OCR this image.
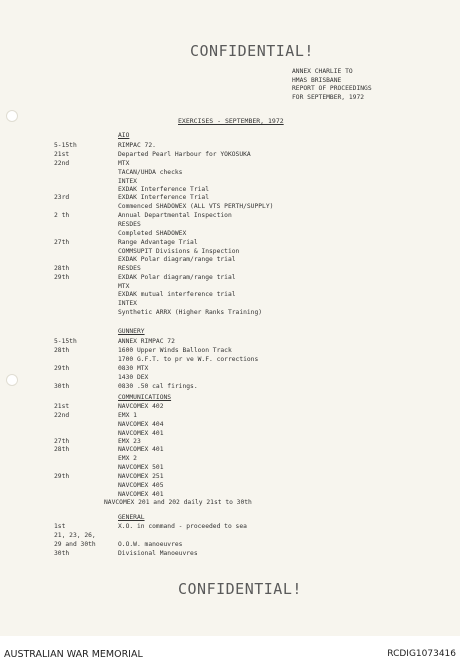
CONFIDENTIAL!
ANNEX CHARLIE TO
HMAS BRISBANE
REPORT OF PROCEEDINGS
FOR SEPTEMBER, 1972
EXERCISES - SEPTEMBER, 1972
AIO
5-15th	RIMPAC 72.
21st	Departed Pearl Harbour for YOKOSUKA
22nd	MTX
TACAN/UHDA checks
INTEX
EXDAK Interference Trial
23rd	EXDAK Interference Trial
Commenced SHADOWEX (ALL VTS PERTH/SUPPLY)
2 th	Annual Departmental Inspection
RESDES
Completed SHADOWEX
27th	Range Advantage Trial
COMMSUPIT Divisions & Inspection
EXDAK Polar diagram/range trial
28th	RESDES
29th	EXDAK Polar diagram/range trial
MTX
EXDAK mutual interference trial
INTEX
Synthetic ARRX (Higher Ranks Training)
GUNNERY
5-15th	ANNEX RIMPAC 72
28th	1600 Upper Winds Balloon Track
1700 G.F.T. to pr ve W.F. corrections
29th	0830 MTX
1430 DEX
30th	0830 .50 cal firings.
COMMUNICATIONS
21st	NAVCOMEX 402
22nd	EMX 1
NAVCOMEX 404
NAVCOMEX 401
27th	EMX 23
28th	NAVCOMEX 401
EMX 2
NAVCOMEX 501
29th	NAVCOMEX 251
NAVCOMEX 405
NAVCOMEX 401
NAVCOMEX 201 and 202 daily 21st to 30th
GENERAL
1st	X.O. in command - proceeded to sea
21, 23, 26,
29 and 30th	O.O.W. manoeuvres
30th	Divisional Manoeuvres
CONFIDENTIAL!
AUSTRALIAN WAR MEMORIAL	RCDIG1073416
